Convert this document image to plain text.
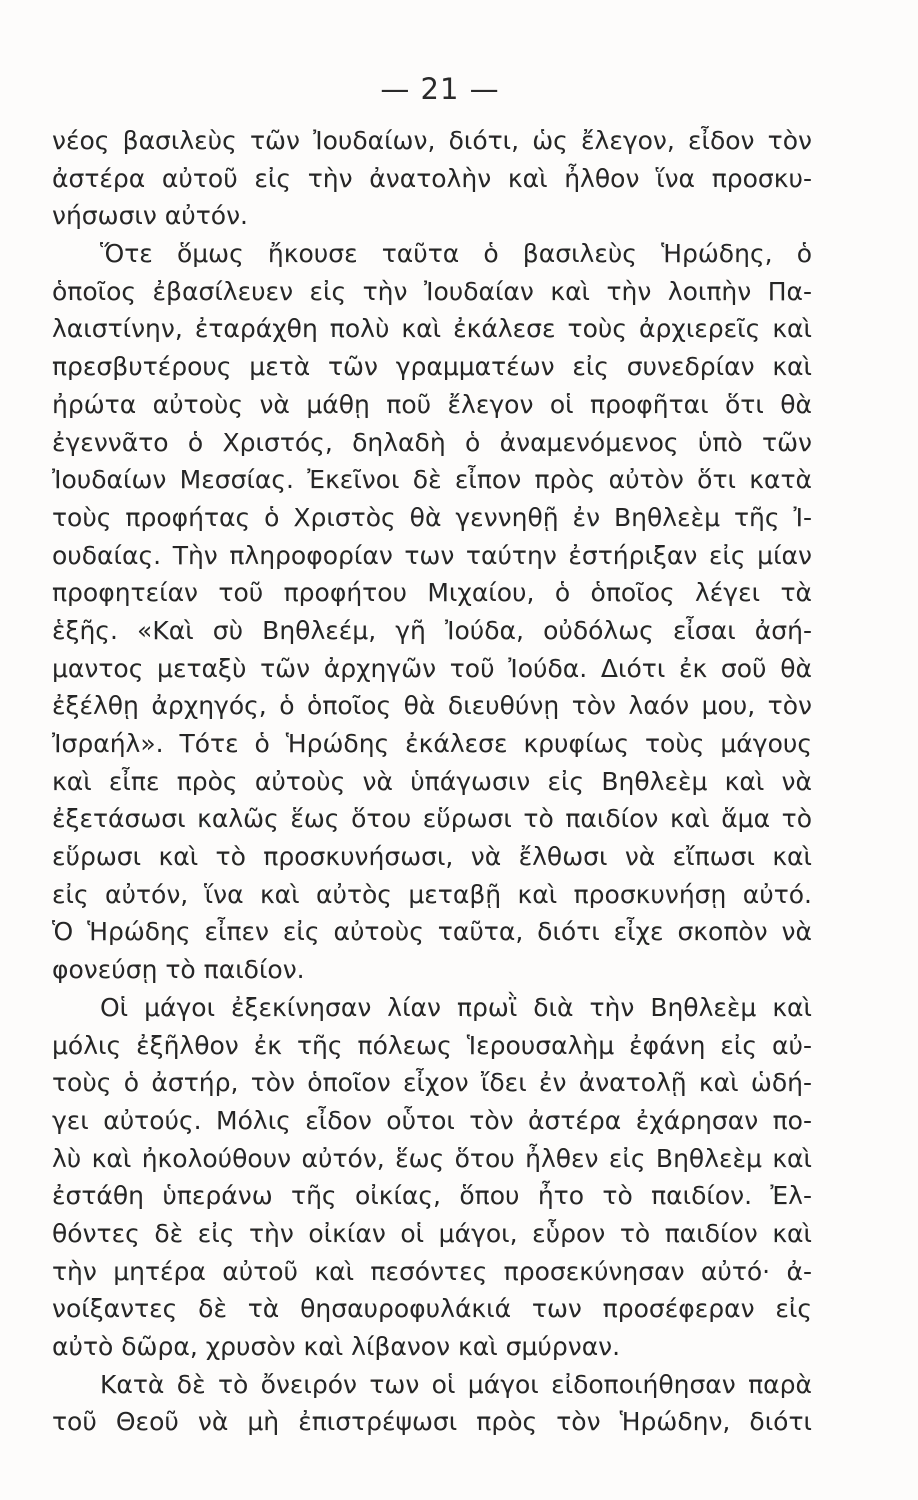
— 21 —
νέος βασιλεὺς τῶν Ἰουδαίων, διότι, ὡς ἔλεγον, εἶδον τὸν
ἀστέρα αὐτοῦ εἰς τὴν ἀνατολὴν καὶ ἦλθον ἵνα προσκυ-
νήσωσιν αὐτόν.
Ὅτε ὅμως ἤκουσε ταῦτα ὁ βασιλεὺς Ἡρώδης, ὁ
ὁποῖος ἐβασίλευεν εἰς τὴν Ἰουδαίαν καὶ τὴν λοιπὴν Πα-
λαιστίνην, ἐταράχθη πολὺ καὶ ἐκάλεσε τοὺς ἀρχιερεῖς καὶ
πρεσβυτέρους μετὰ τῶν γραμματέων εἰς συνεδρίαν καὶ
ἠρώτα αὐτοὺς νὰ μάθῃ ποῦ ἔλεγον οἱ προφῆται ὅτι θὰ
ἐγεννᾶτο ὁ Χριστός, δηλαδὴ ὁ ἀναμενόμενος ὑπὸ τῶν
Ἰουδαίων Μεσσίας. Ἐκεῖνοι δὲ εἶπον πρὸς αὐτὸν ὅτι κατὰ
τοὺς προφήτας ὁ Χριστὸς θὰ γεννηθῇ ἐν Βηθλεὲμ τῆς Ἰ-
ουδαίας. Τὴν πληροφορίαν των ταύτην ἐστήριξαν εἰς μίαν
προφητείαν τοῦ προφήτου Μιχαίου, ὁ ὁποῖος λέγει τὰ
ἑξῆς. «Καὶ σὺ Βηθλεέμ, γῆ Ἰούδα, οὐδόλως εἶσαι ἀσή-
μαντος μεταξὺ τῶν ἀρχηγῶν τοῦ Ἰούδα. Διότι ἐκ σοῦ θὰ
ἐξέλθῃ ἀρχηγός, ὁ ὁποῖος θὰ διευθύνῃ τὸν λαόν μου, τὸν
Ἰσραήλ». Τότε ὁ Ἡρώδης ἐκάλεσε κρυφίως τοὺς μάγους
καὶ εἶπε πρὸς αὐτοὺς νὰ ὑπάγωσιν εἰς Βηθλεὲμ καὶ νὰ
ἐξετάσωσι καλῶς ἕως ὅτου εὕρωσι τὸ παιδίον καὶ ἅμα τὸ
εὕρωσι καὶ τὸ προσκυνήσωσι, νὰ ἔλθωσι νὰ εἴπωσι καὶ
εἰς αὐτόν, ἵνα καὶ αὐτὸς μεταβῇ καὶ προσκυνήσῃ αὐτό.
Ὁ Ἡρώδης εἶπεν εἰς αὐτοὺς ταῦτα, διότι εἶχε σκοπὸν νὰ
φονεύσῃ τὸ παιδίον.
Οἱ μάγοι ἐξεκίνησαν λίαν πρωῒ διὰ τὴν Βηθλεὲμ καὶ
μόλις ἐξῆλθον ἐκ τῆς πόλεως Ἱερουσαλὴμ ἐφάνη εἰς αὐ-
τοὺς ὁ ἀστήρ, τὸν ὁποῖον εἶχον ἴδει ἐν ἀνατολῇ καὶ ὡδή-
γει αὐτούς. Μόλις εἶδον οὗτοι τὸν ἀστέρα ἐχάρησαν πο-
λὺ καὶ ἠκολούθουν αὐτόν, ἕως ὅτου ἦλθεν εἰς Βηθλεὲμ καὶ
ἐστάθη ὑπεράνω τῆς οἰκίας, ὅπου ἦτο τὸ παιδίον. Ἐλ-
θόντες δὲ εἰς τὴν οἰκίαν οἱ μάγοι, εὗρον τὸ παιδίον καὶ
τὴν μητέρα αὐτοῦ καὶ πεσόντες προσεκύνησαν αὐτό· ἀ-
νοίξαντες δὲ τὰ θησαυροφυλάκιά των προσέφεραν εἰς
αὐτὸ δῶρα, χρυσὸν καὶ λίβανον καὶ σμύρναν.
Κατὰ δὲ τὸ ὄνειρόν των οἱ μάγοι εἰδοποιήθησαν παρὰ
τοῦ Θεοῦ νὰ μὴ ἐπιστρέψωσι πρὸς τὸν Ἡρώδην, διότι
